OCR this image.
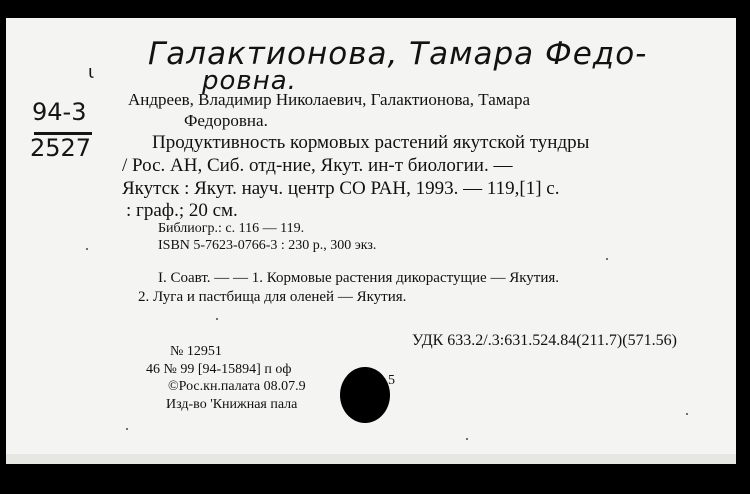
Галактионова, Тамара Федо-
ровна.
ι
94-3
2527
Андреев, Владимир Николаевич, Галактионова, Тамара
Федоровна.
Продуктивность кормовых растений якутской тундры
/ Рос. АН, Сиб. отд-ние, Якут. ин-т биологии. —
Якутск : Якут. науч. центр СО РАН, 1993. — 119,[1] с.
: граф.; 20 см.
Библиогр.: с. 116 — 119.
ISBN 5-7623-0766-3 : 230 р., 300 экз.
I. Соавт. — — 1. Кормовые растения дикорастущие — Якутия.
2. Луга и пастбища для оленей — Якутия.
УДК 633.2/.3:631.524.84(211.7)(571.56)
№ 12951
46 № 99 [94-15894] п оф
©Рос.кн.палата 08.07.9	5
Изд-во 'Книжная пала
